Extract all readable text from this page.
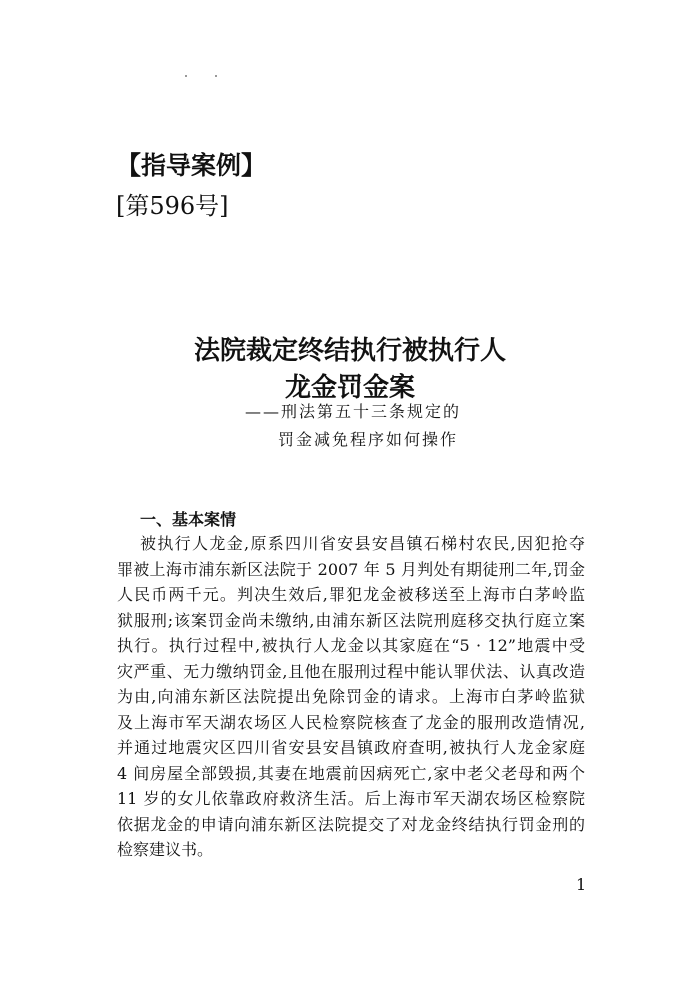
【指导案例】
[第596号]
法院裁定终结执行被执行人
龙金罚金案
——刑法第五十三条规定的
罚金减免程序如何操作
一、基本案情
被执行人龙金,原系四川省安县安昌镇石梯村农民,因犯抢夺
罪被上海市浦东新区法院于 2007 年 5 月判处有期徒刑二年,罚金
人民币两千元。判决生效后,罪犯龙金被移送至上海市白茅岭监
狱服刑;该案罚金尚未缴纳,由浦东新区法院刑庭移交执行庭立案
执行。执行过程中,被执行人龙金以其家庭在“5 · 12”地震中受
灾严重、无力缴纳罚金,且他在服刑过程中能认罪伏法、认真改造
为由,向浦东新区法院提出免除罚金的请求。上海市白茅岭监狱
及上海市军天湖农场区人民检察院核查了龙金的服刑改造情况,
并通过地震灾区四川省安县安昌镇政府查明,被执行人龙金家庭
4 间房屋全部毁损,其妻在地震前因病死亡,家中老父老母和两个
11 岁的女儿依靠政府救济生活。后上海市军天湖农场区检察院
依据龙金的申请向浦东新区法院提交了对龙金终结执行罚金刑的
检察建议书。
1
